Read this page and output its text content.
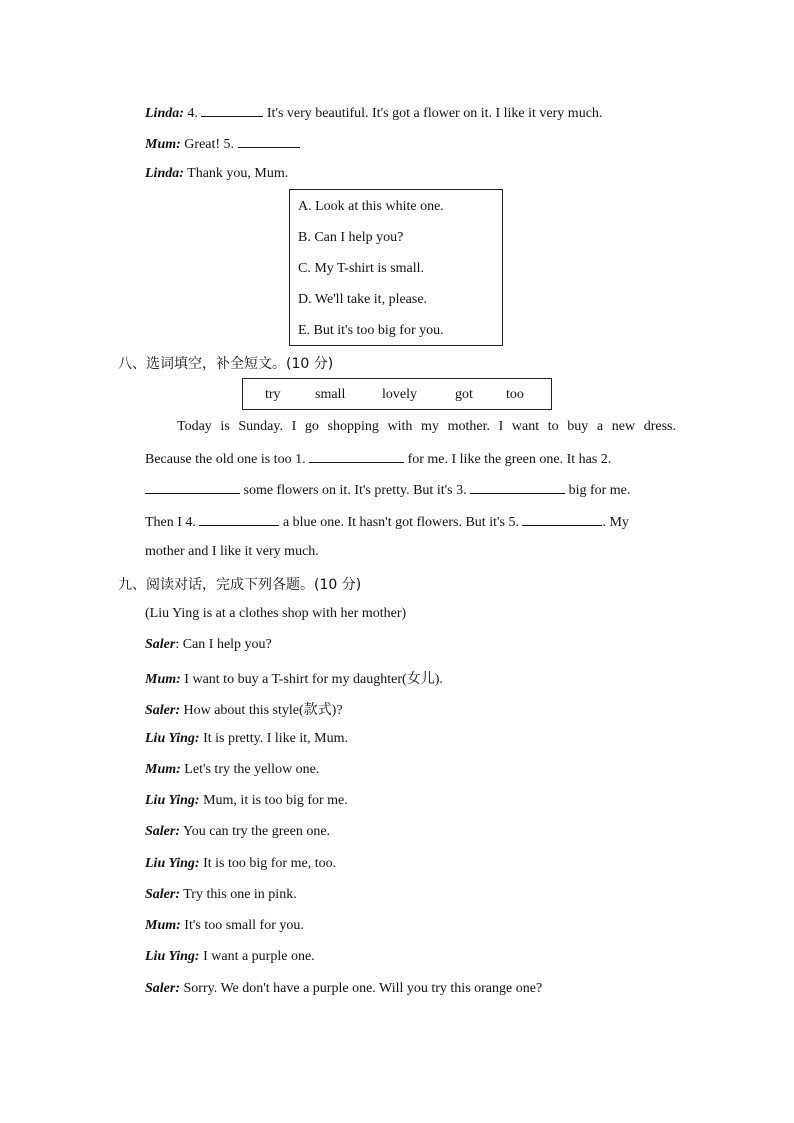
Linda: 4.	It's very beautiful. It's got a flower on it. I like it very much.
Mum: Great! 5.
Linda: Thank you, Mum.
A. Look at this white one.
B. Can I help you?
C. My T-shirt is small.
D. We'll take it, please.
E. But it's too big for you.
八、选词填空，补全短文。(10 分)
try small	lovely	got too
Today is Sunday. I go shopping with my mother. I want to buy a new dress.
Because the old one is too 1.	for me. I like the green one. It has 2.
some flowers on it. It's pretty. But it's 3.	big for me.
Then I 4.	a blue one. It hasn't got flowers. But it's 5.	. My
mother and I like it very much.
九、阅读对话，完成下列各题。(10 分)
(Liu Ying is at a clothes shop with her mother)
Saler: Can I help you?
Mum: I want to buy a T-shirt for my daughter(女儿).
Saler: How about this style(款式)?
Liu Ying: It is pretty. I like it, Mum.
Mum: Let's try the yellow one.
Liu Ying: Mum, it is too big for me.
Saler: You can try the green one.
Liu Ying: It is too big for me, too.
Saler: Try this one in pink.
Mum: It's too small for you.
Liu Ying: I want a purple one.
Saler: Sorry. We don't have a purple one. Will you try this orange one?
